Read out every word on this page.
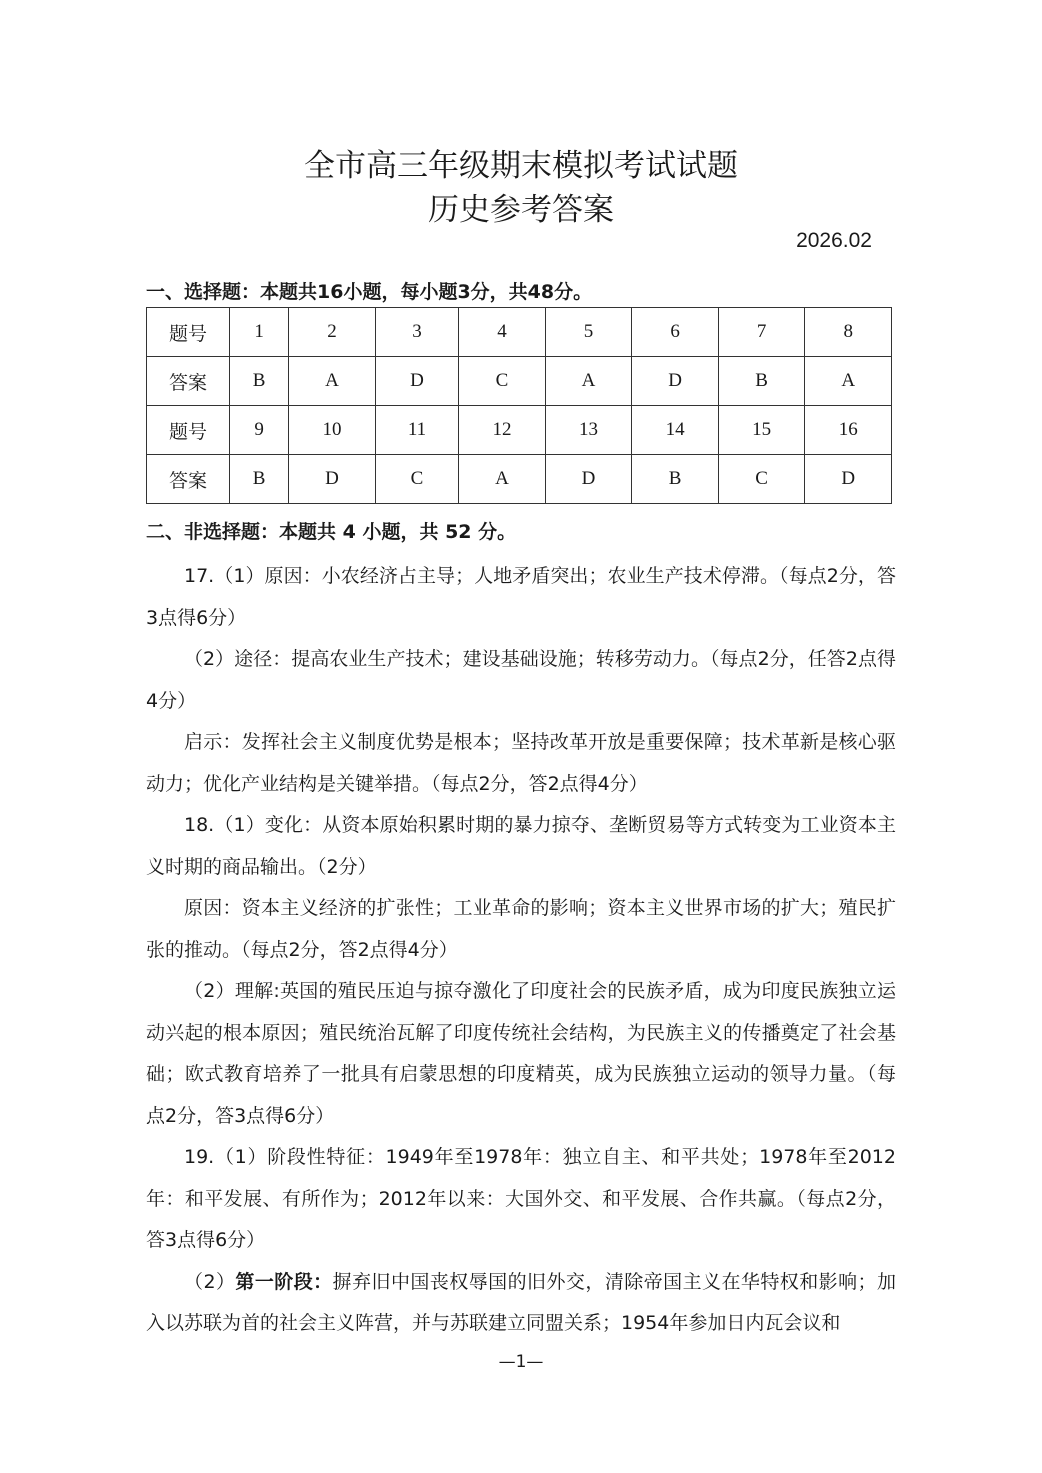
全市高三年级期末模拟考试试题
历史参考答案
2026.02
一、选择题：本题共16小题，每小题3分，共48分。
题号	1	2	3	4	5	6	7	8
答案	B	A	D	C	A	D	B	A
题号	9	10	11	12	13	14	15	16
答案	B	D	C	A	D	B	C	D
二、非选择题：本题共 4 小题，共 52 分。

17.（1）原因：小农经济占主导；人地矛盾突出；农业生产技术停滞。（每点2分，答3点得6分）

（2）途径：提高农业生产技术；建设基础设施；转移劳动力。（每点2分，任答2点得4分）

启示：发挥社会主义制度优势是根本；坚持改革开放是重要保障；技术革新是核心驱动力；优化产业结构是关键举措。（每点2分，答2点得4分）

18.（1）变化：从资本原始积累时期的暴力掠夺、垄断贸易等方式转变为工业资本主义时期的商品输出。（2分）

原因：资本主义经济的扩张性；工业革命的影响；资本主义世界市场的扩大；殖民扩张的推动。（每点2分，答2点得4分）

（2）理解:英国的殖民压迫与掠夺激化了印度社会的民族矛盾，成为印度民族独立运动兴起的根本原因；殖民统治瓦解了印度传统社会结构，为民族主义的传播奠定了社会基础；欧式教育培养了一批具有启蒙思想的印度精英，成为民族独立运动的领导力量。（每点2分，答3点得6分）

19.（1）阶段性特征：1949年至1978年：独立自主、和平共处；1978年至2012年：和平发展、有所作为；2012年以来：大国外交、和平发展、合作共赢。（每点2分，答3点得6分）

（2）第一阶段：摒弃旧中国丧权辱国的旧外交，清除帝国主义在华特权和影响；加入以苏联为首的社会主义阵营，并与苏联建立同盟关系；1954年参加日内瓦会议和

—1—
